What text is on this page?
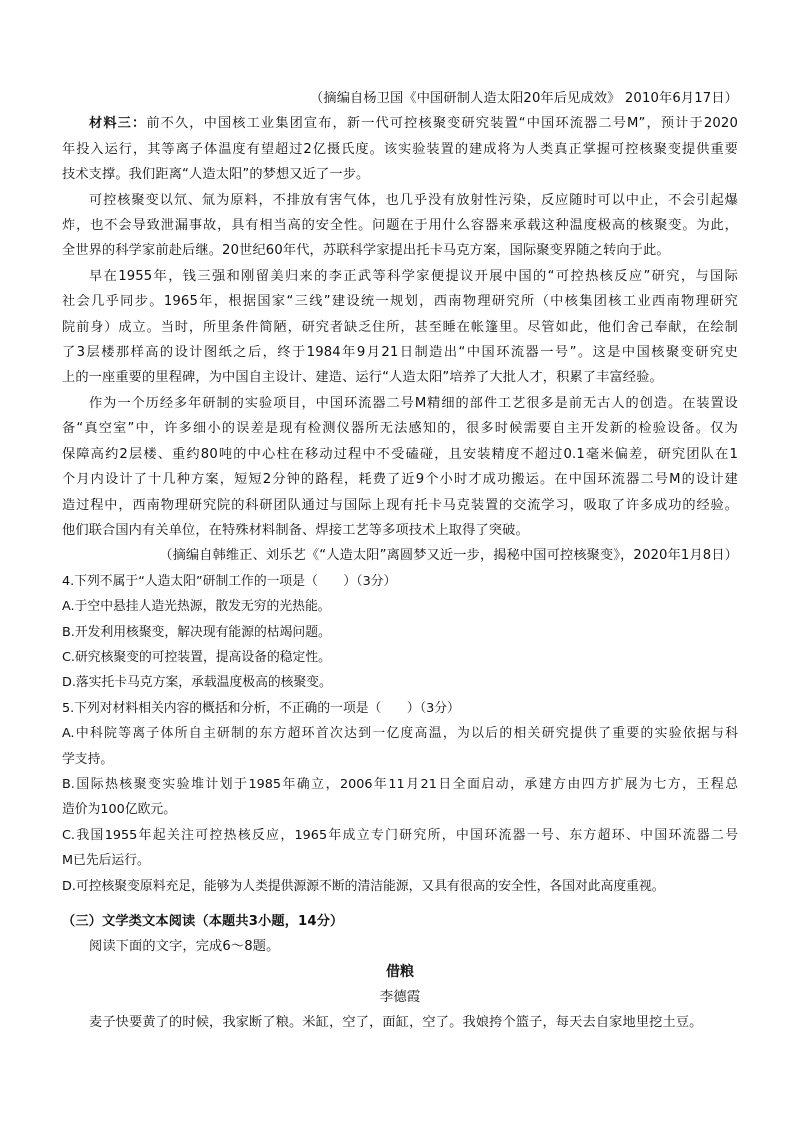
（摘编自杨卫国《中国研制人造太阳20年后见成效》 2010年6月17日）
材料三：前不久，中国核工业集团宣布，新一代可控核聚变研究装置“中国环流器二号M”，预计于2020
年投入运行，其等离子体温度有望超过2亿摄氏度。该实验装置的建成将为人类真正掌握可控核聚变提供重要
技术支撑。我们距离“人造太阳”的梦想又近了一步。
可控核聚变以氘、氚为原料，不排放有害气体，也几乎没有放射性污染，反应随时可以中止，不会引起爆
炸，也不会导致泄漏事故，具有相当高的安全性。问题在于用什么容器来承载这种温度极高的核聚变。为此，
全世界的科学家前赴后继。20世纪60年代，苏联科学家提出托卡马克方案，国际聚变界随之转向于此。
早在1955年，钱三强和刚留美归来的李正武等科学家便提议开展中国的“可控热核反应”研究，与国际
社会几乎同步。1965年，根据国家“三线”建设统一规划，西南物理研究所（中核集团核工业西南物理研究
院前身）成立。当时，所里条件简陋，研究者缺乏住所，甚至睡在帐篷里。尽管如此，他们舍己奉献，在绘制
了3层楼那样高的设计图纸之后，终于1984年9月21日制造出“中国环流器一号”。这是中国核聚变研究史
上的一座重要的里程碑，为中国自主设计、建造、运行“人造太阳”培养了大批人才，积累了丰富经验。
作为一个历经多年研制的实验项目，中国环流器二号M精细的部件工艺很多是前无古人的创造。在装置设
备“真空室”中，许多细小的误差是现有检测仪器所无法感知的，很多时候需要自主开发新的检验设备。仅为
保障高约2层楼、重约80吨的中心柱在移动过程中不受磕碰，且安装精度不超过0.1毫米偏差，研究团队在1
个月内设计了十几种方案，短短2分钟的路程，耗费了近9个小时才成功搬运。在中国环流器二号M的设计建
造过程中，西南物理研究院的科研团队通过与国际上现有托卡马克装置的交流学习，吸取了许多成功的经验。
他们联合国内有关单位，在特殊材料制备、焊接工艺等多项技术上取得了突破。
（摘编自韩维正、刘乐艺《“人造太阳”离圆梦又近一步，揭秘中国可控核聚变》，2020年1月8日）
4.下列不属于“人造太阳”研制工作的一项是（　　）（3分）
A.于空中悬挂人造光热源，散发无穷的光热能。
B.开发利用核聚变，解决现有能源的枯竭问题。
C.研究核聚变的可控装置，提高设备的稳定性。
D.落实托卡马克方案，承载温度极高的核聚变。
5.下列对材料相关内容的概括和分析，不正确的一项是（　　）（3分）
A.中科院等离子体所自主研制的东方超环首次达到一亿度高温，为以后的相关研究提供了重要的实验依据与科
学支持。
B.国际热核聚变实验堆计划于1985年确立，2006年11月21日全面启动，承建方由四方扩展为七方，王程总
造价为100亿欧元。
C.我国1955年起关注可控热核反应，1965年成立专门研究所，中国环流器一号、东方超环、中国环流器二号
M已先后运行。
D.可控核聚变原料充足，能够为人类提供源源不断的清洁能源，又具有很高的安全性，各国对此高度重视。
（三）文学类文本阅读（本题共3小题，14分）
阅读下面的文字，完成6～8题。
借粮
李德霞
麦子快要黄了的时候，我家断了粮。米缸，空了，面缸，空了。我娘挎个篮子，每天去自家地里挖土豆。
